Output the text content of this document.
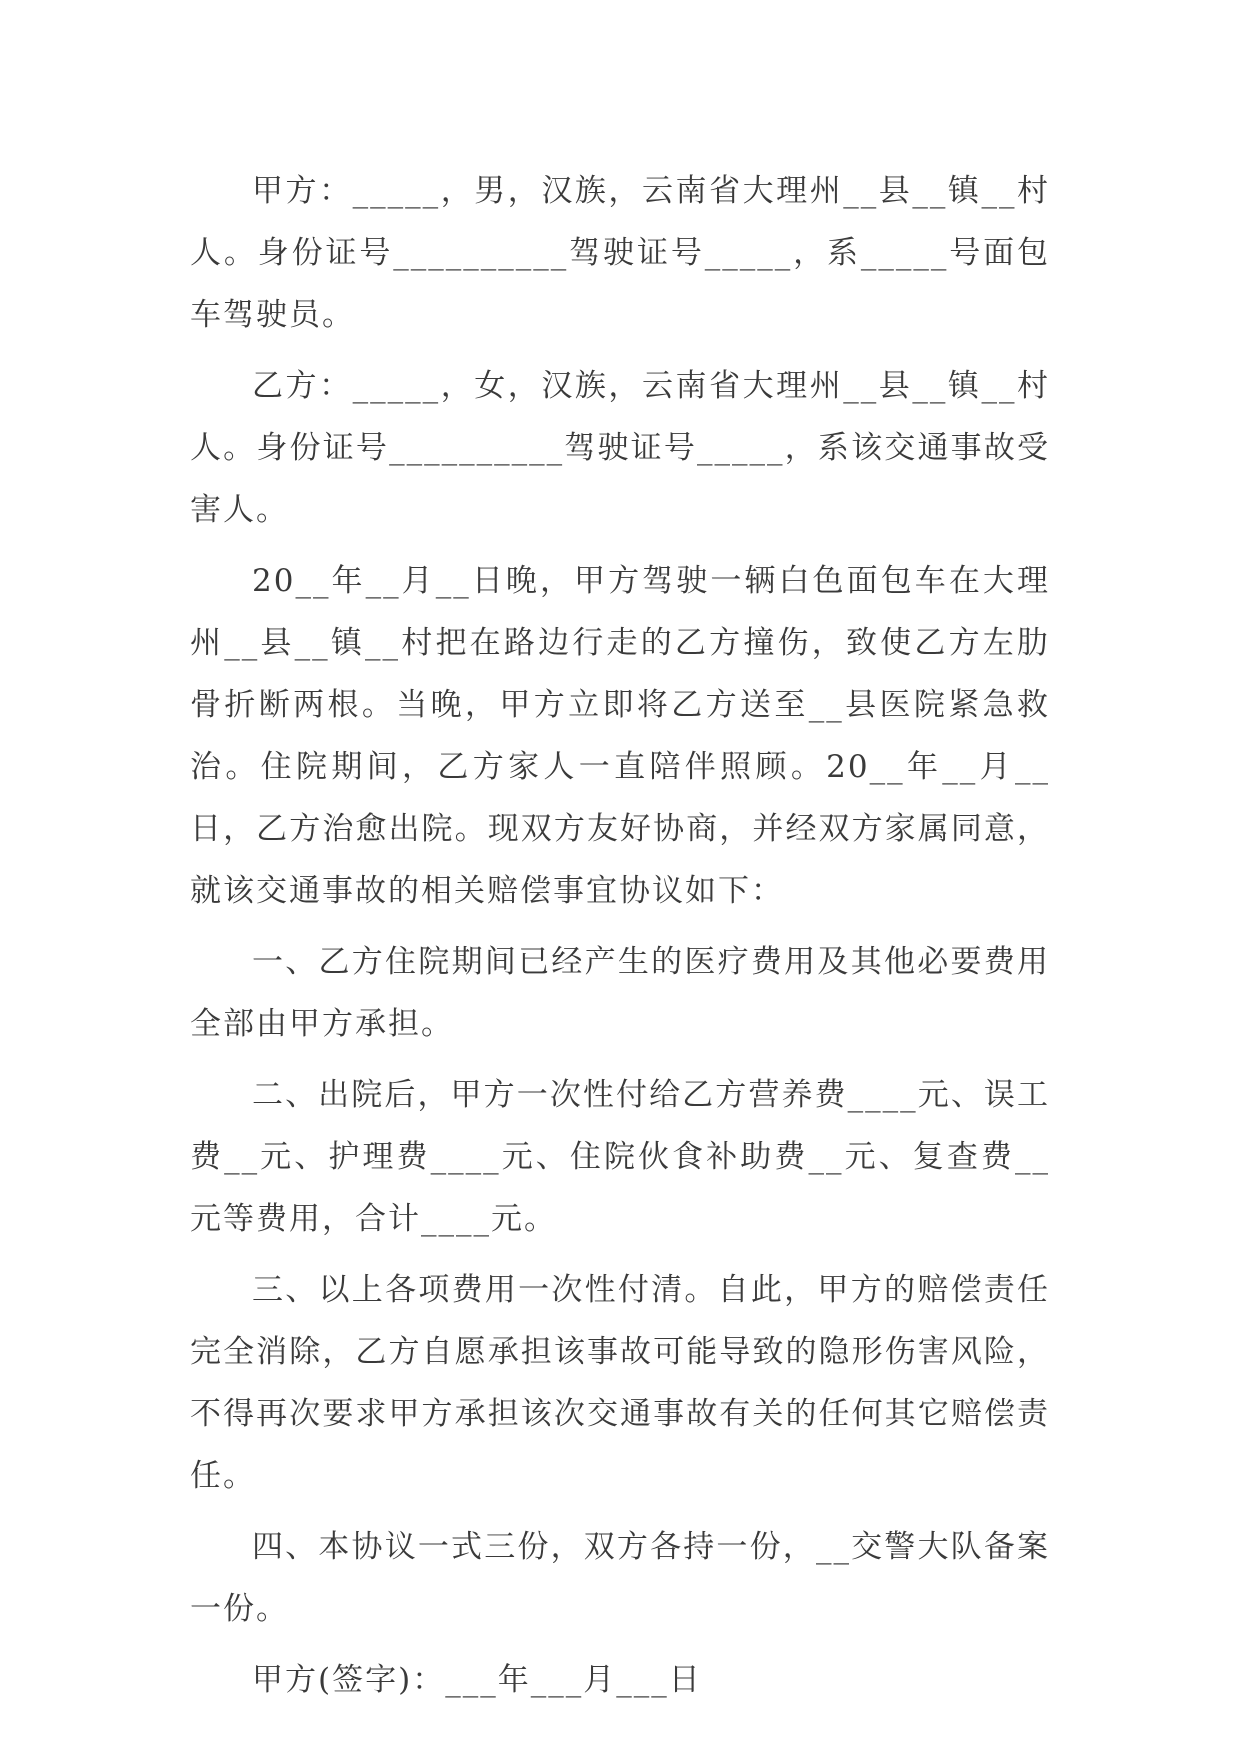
甲方：_____，男，汉族，云南省大理州__县__镇__村人。身份证号__________驾驶证号_____，系_____号面包车驾驶员。

乙方：_____，女，汉族，云南省大理州__县__镇__村人。身份证号__________驾驶证号_____，系该交通事故受害人。

20__年__月__日晚，甲方驾驶一辆白色面包车在大理州__县__镇__村把在路边行走的乙方撞伤，致使乙方左肋骨折断两根。当晚，甲方立即将乙方送至__县医院紧急救治。住院期间，乙方家人一直陪伴照顾。20__年__月__日，乙方治愈出院。现双方友好协商，并经双方家属同意，就该交通事故的相关赔偿事宜协议如下：

一、乙方住院期间已经产生的医疗费用及其他必要费用全部由甲方承担。

二、出院后，甲方一次性付给乙方营养费____元、误工费__元、护理费____元、住院伙食补助费__元、复查费__元等费用，合计____元。

三、以上各项费用一次性付清。自此，甲方的赔偿责任完全消除，乙方自愿承担该事故可能导致的隐形伤害风险，不得再次要求甲方承担该次交通事故有关的任何其它赔偿责任。

四、本协议一式三份，双方各持一份，__交警大队备案一份。

甲方(签字)：___年___月___日
